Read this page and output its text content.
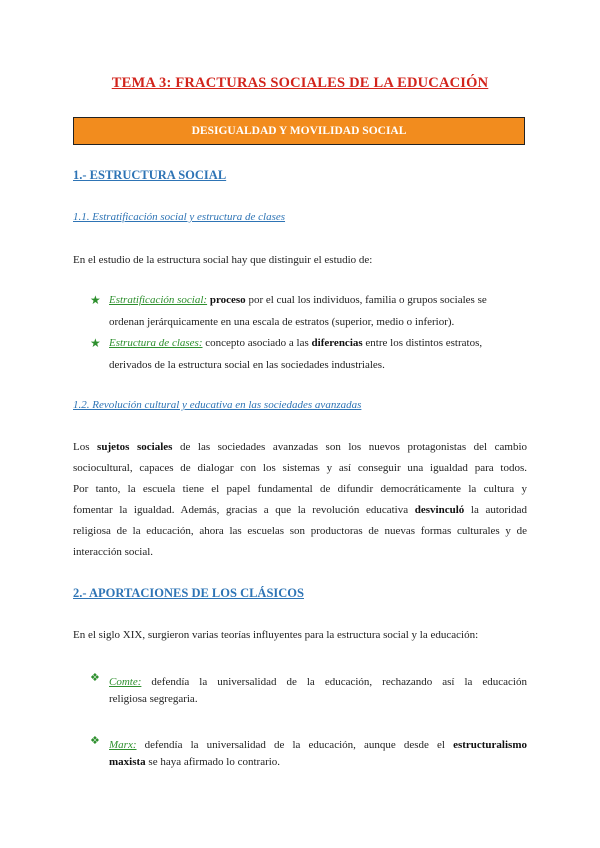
TEMA 3: FRACTURAS SOCIALES DE LA EDUCACIÓN
DESIGUALDAD Y MOVILIDAD SOCIAL
1.- ESTRUCTURA SOCIAL
1.1. Estratificación social y estructura de clases
En el estudio de la estructura social hay que distinguir el estudio de:
★ Estratificación social: proceso por el cual los individuos, familia o grupos sociales se
ordenan jerárquicamente en una escala de estratos (superior, medio o inferior).
★ Estructura de clases: concepto asociado a las diferencias entre los distintos estratos,
derivados de la estructura social en las sociedades industriales.
1.2. Revolución cultural y educativa en las sociedades avanzadas
Los sujetos sociales de las sociedades avanzadas son los nuevos protagonistas del cambio
sociocultural, capaces de dialogar con los sistemas y así conseguir una igualdad para todos.
Por tanto, la escuela tiene el papel fundamental de difundir democráticamente la cultura y
fomentar la igualdad. Además, gracias a que la revolución educativa desvinculó la autoridad
religiosa de la educación, ahora las escuelas son productoras de nuevas formas culturales y de
interacción social.
2.- APORTACIONES DE LOS CLÁSICOS
En el siglo XIX, surgieron varias teorías influyentes para la estructura social y la educación:
❖ Comte: defendía la universalidad de la educación, rechazando así la educación
religiosa segregaria.
❖ Marx: defendía la universalidad de la educación, aunque desde el estructuralismo
maxista se haya afirmado lo contrario.
